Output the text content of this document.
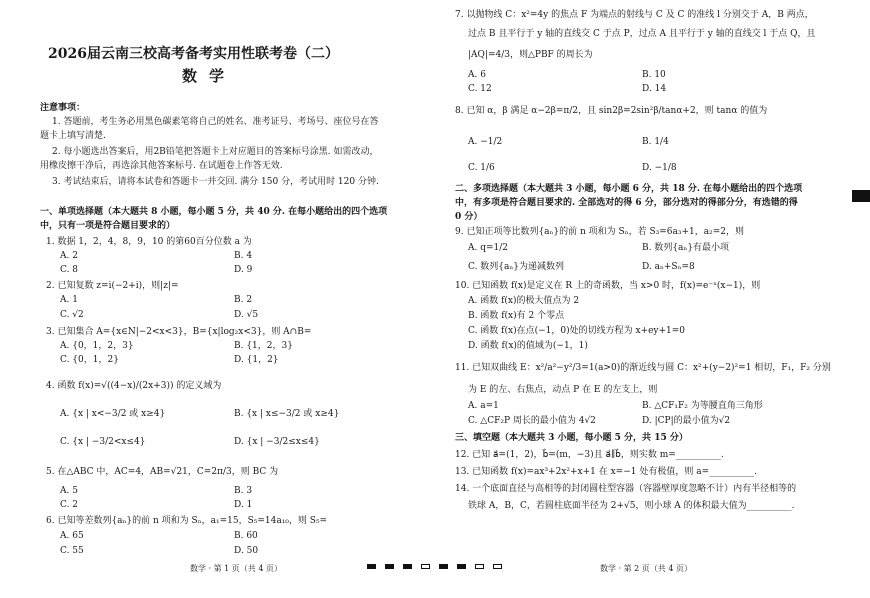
2026届云南三校高考备考实用性联考卷（二）
数学
注意事项：
1. 答题前，考生务必用黑色碳素笔将自己的姓名、准考证号、考场号、座位号在答
题卡上填写清楚.
2. 每小题选出答案后，用2B铅笔把答题卡上对应题目的答案标号涂黑. 如需改动，
用橡皮擦干净后，再选涂其他答案标号. 在试题卷上作答无效.
3. 考试结束后，请将本试卷和答题卡一并交回. 满分 150 分，考试用时 120 分钟.
一、单项选择题（本大题共 8 小题，每小题 5 分，共 40 分. 在每小题给出的四个选项
中，只有一项是符合题目要求的）
1. 数据 1，2，4，8，9，10 的第60百分位数 a 为
A. 2	B. 4
C. 8	D. 9
2. 已知复数 z=i(−2+i)，则|z|=
A. 1	B. 2
C. √2	D. √5
3. 已知集合 A={x∈N|−2<x<3}，B={x|log₂x<3}，则 A∩B=
A. {0，1，2，3}	B. {1，2，3}
C. {0，1，2}	D. {1，2}
4. 函数 f(x)=√((4−x)/(2x+3)) 的定义域为
A. {x | x<−3/2 或 x≥4}	B. {x | x≤−3/2 或 x≥4}
C. {x | −3/2<x≤4}	D. {x | −3/2≤x≤4}
5. 在△ABC 中，AC=4，AB=√21，C=2π/3，则 BC 为
A. 5	B. 3
C. 2	D. 1
6. 已知等差数列{aₙ}的前 n 项和为 Sₙ，a₁=15，S₅=14a₁₀，则 S₅=
A. 65	B. 60
C. 55	D. 50
数学 · 第 1 页（共 4 页）
7. 以抛物线 C：x²=4y 的焦点 F 为端点的射线与 C 及 C 的准线 l 分别交于 A，B 两点，
过点 B 且平行于 y 轴的直线交 C 于点 P，过点 A 且平行于 y 轴的直线交 l 于点 Q，且
|AQ|=4/3，则△PBF 的周长为
A. 6	B. 10
C. 12	D. 14
8. 已知 α，β 满足 α−2β=π/2，且 sin2β=2sin²β/tanα+2，则 tanα 的值为
A. −1/2	B. 1/4
C. 1/6	D. −1/8
二、多项选择题（本大题共 3 小题，每小题 6 分，共 18 分. 在每小题给出的四个选项
中，有多项是符合题目要求的. 全部选对的得 6 分，部分选对的得部分分，有选错的得
0 分）
9. 已知正项等比数列{aₙ}的前 n 项和为 Sₙ，若 S₃=6a₃+1，a₂=2，则
A. q=1/2	B. 数列{aₙ}有最小项
C. 数列{aₙ}为递减数列	D. aₙ+Sₙ=8
10. 已知函数 f(x)是定义在 R 上的奇函数，当 x>0 时，f(x)=e⁻ˣ(x−1)，则
A. 函数 f(x)的极大值点为 2
B. 函数 f(x)有 2 个零点
C. 函数 f(x)在点(−1，0)处的切线方程为 x+ey+1=0
D. 函数 f(x)的值域为(−1，1)
11. 已知双曲线 E：x²/a²−y²/3=1(a>0)的渐近线与圆 C：x²+(y−2)²=1 相切，F₁，F₂ 分别
为 E 的左、右焦点，动点 P 在 E 的左支上，则
A. a=1	B. △CF₁F₂ 为等腰直角三角形
C. △CF₂P 周长的最小值为 4√2	D. |CP|的最小值为√2
三、填空题（本大题共 3 小题，每小题 5 分，共 15 分）
12. 已知 a⃗=(1，2)，b⃗=(m，−3)且 a⃗∥b⃗，则实数 m=__________.
13. 已知函数 f(x)=ax³+2x²+x+1 在 x=−1 处有极值，则 a=__________.
14. 一个底面直径与高相等的封闭圆柱型容器（容器壁厚度忽略不计）内有半径相等的
铁球 A，B，C，若圆柱底面半径为 2+√5，则小球 A 的体积最大值为__________.
数学 · 第 2 页（共 4 页）
